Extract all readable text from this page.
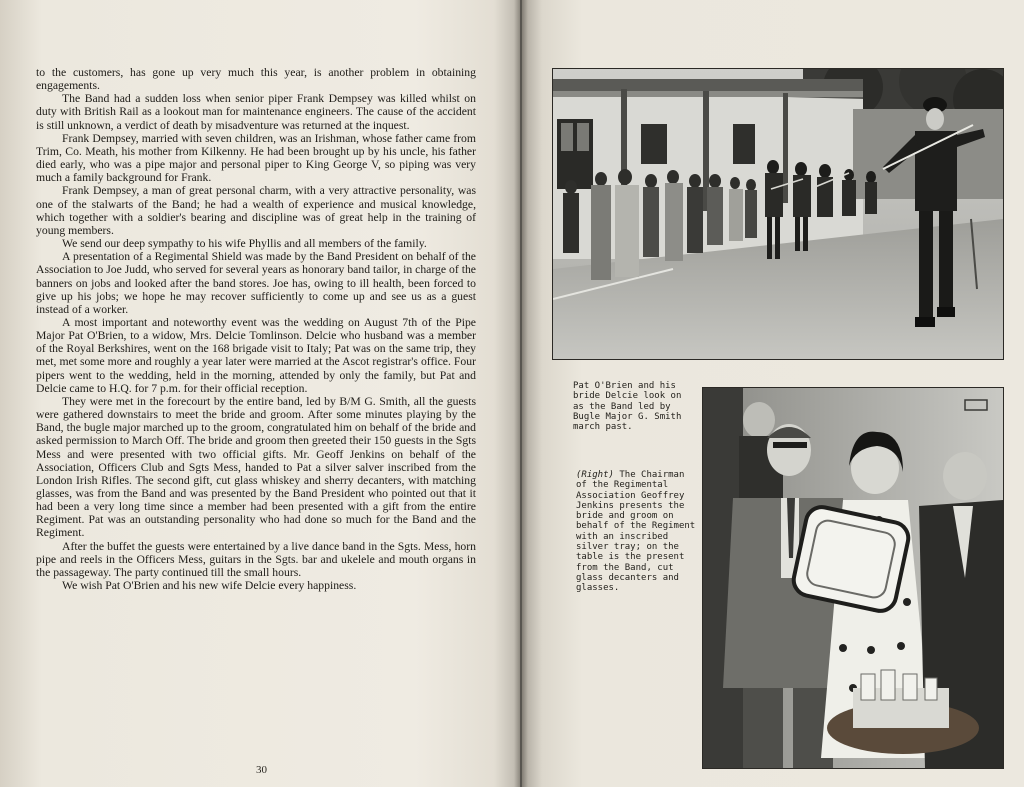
to the customers, has gone up very much this year, is another problem in obtaining engagements.

The Band had a sudden loss when senior piper Frank Dempsey was killed whilst on duty with British Rail as a lookout man for maintenance engineers. The cause of the accident is still unknown, a verdict of death by misadventure was returned at the inquest.

Frank Dempsey, married with seven children, was an Irishman, whose father came from Trim, Co. Meath, his mother from Kilkenny. He had been brought up by his uncle, his father died early, who was a pipe major and personal piper to King George V, so piping was very much a family background for Frank.

Frank Dempsey, a man of great personal charm, with a very attractive personality, was one of the stalwarts of the Band; he had a wealth of experience and musical knowledge, which together with a soldier's bearing and discipline was of great help in the training of young members.

We send our deep sympathy to his wife Phyllis and all members of the family.

A presentation of a Regimental Shield was made by the Band President on behalf of the Association to Joe Judd, who served for several years as honorary band tailor, in charge of the banners on jobs and looked after the band stores. Joe has, owing to ill health, been forced to give up his jobs; we hope he may recover sufficiently to come up and see us as a guest instead of a worker.

A most important and noteworthy event was the wedding on August 7th of the Pipe Major Pat O'Brien, to a widow, Mrs. Delcie Tomlinson. Delcie who husband was a member of the Royal Berkshires, went on the 168 brigade visit to Italy; Pat was on the same trip, they met, met some more and roughly a year later were married at the Ascot registrar's office. Four pipers went to the wedding, held in the morning, attended by only the family, but Pat and Delcie came to H.Q. for 7 p.m. for their official reception.

They were met in the forecourt by the entire band, led by B/M G. Smith, all the guests were gathered downstairs to meet the bride and groom. After some minutes playing by the Band, the bugle major marched up to the groom, congratulated him on behalf of the bride and asked permission to March Off. The bride and groom then greeted their 150 guests in the Sgts Mess and were presented with two official gifts. Mr. Geoff Jenkins on behalf of the Association, Officers Club and Sgts Mess, handed to Pat a silver salver inscribed from the London Irish Rifles. The second gift, cut glass whiskey and sherry decanters, with matching glasses, was from the Band and was presented by the Band President who pointed out that it had been a very long time since a member had been presented with a gift from the entire Regiment. Pat was an outstanding personality who had done so much for the Band and the Regiment.

After the buffet the guests were entertained by a live dance band in the Sgts. Mess, horn pipe and reels in the Officers Mess, guitars in the Sgts. bar and ukelele and mouth organs in the passageway. The party continued till the small hours.

We wish Pat O'Brien and his new wife Delcie every happiness.

30
Pat O'Brien and his bride Delcie look on as the Band led by Bugle Major G. Smith march past.
(Right) The Chairman of the Regimental Association Geoffrey Jenkins presents the bride and groom on behalf of the Regiment with an inscribed silver tray; on the table is the present from the Band, cut glass decanters and glasses.
